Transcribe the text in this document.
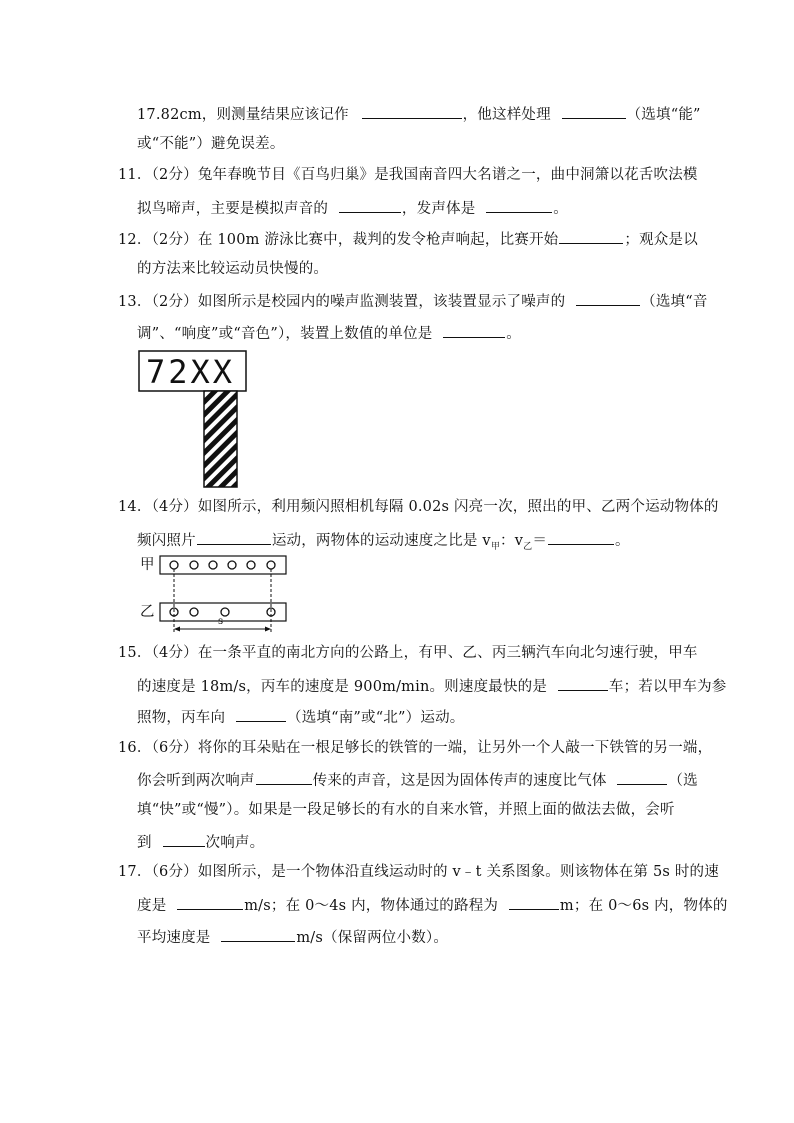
17.82cm，则测量结果应该记作	，他这样处理	（选填“能”
或“不能”）避免误差。
11．（2分）兔年春晚节目《百鸟归巢》是我国南音四大名谱之一，曲中洞箫以花舌吹法模
拟鸟啼声，主要是模拟声音的	，发声体是	。
12．（2分）在 100m 游泳比赛中，裁判的发令枪声响起，比赛开始	；观众是以
的方法来比较运动员快慢的。
13．（2分）如图所示是校园内的噪声监测装置，该装置显示了噪声的	（选填“音
调”、“响度”或“音色”），装置上数值的单位是	。
72XX
14．（4分）如图所示，利用频闪照相机每隔 0.02s 闪亮一次，照出的甲、乙两个运动物体的
频闪照片	运动，两物体的运动速度之比是 $v_甲$：$v_乙=$	。
甲
乙
s
15．（4分）在一条平直的南北方向的公路上，有甲、乙、丙三辆汽车向北匀速行驶，甲车
的速度是 18m/s，丙车的速度是 900m/min。则速度最快的是	车；若以甲车为参
照物，丙车向	（选填“南”或“北”）运动。
16．（6分）将你的耳朵贴在一根足够长的铁管的一端，让另外一个人敲一下铁管的另一端，
你会听到两次响声	传来的声音，这是因为固体传声的速度比气体	（选
填“快”或“慢”）。如果是一段足够长的有水的自来水管，并照上面的做法去做，会听
到	次响声。
17．（6分）如图所示，是一个物体沿直线运动时的 v﹣t 关系图象。则该物体在第 5s 时的速
度是	m/s；在 0～4s 内，物体通过的路程为	m；在 0～6s 内，物体的
平均速度是	m/s（保留两位小数）。
